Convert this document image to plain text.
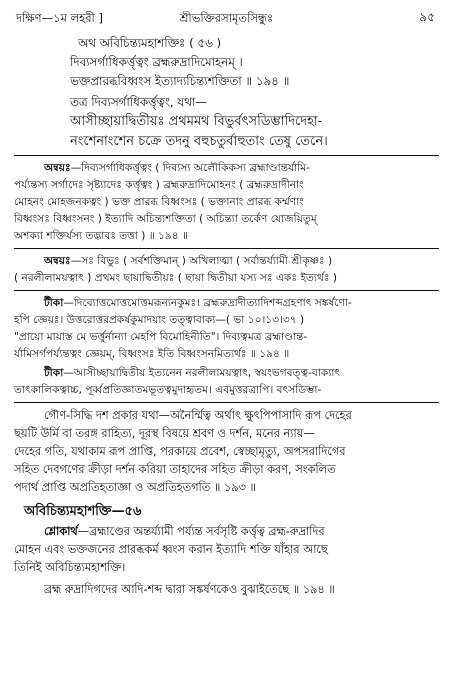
দক্ষিণ—১ম লহরী ]	শ্রীভক্তিরসামৃতসিন্ধুঃ	৯৫

অথ অবিচিন্ত্যমহাশক্তিঃ ( ৫৬ )

দিব্যসর্গাধিকর্ত্তৃত্বং ব্রহ্মরুদ্রাদিমোহনম্ ।

ভক্তপ্রারব্ধবিধ্বংস ইত্যাদ্যচিন্ত্যশক্তিতা ॥ ১৯৪ ॥

তত্র দিব্যসর্গাধিকর্ত্তৃত্বং, যথা—

আসীচ্ছায়াদ্বিতীয়ঃ প্রথমমথ বিভুর্বৎসডিম্ভাদিদেহা-

নংশেনাংশেন চক্রে তদনু বহুচতুর্বাহুতাং তেষু তেনে।

অন্বয়ঃ—দিব্যসর্গাধিকর্ত্তৃত্বং ( দিব্যস্য অলৌকিকস্য ব্রহ্মাণ্ডান্তর্যামি-

পর্য্যন্তস্য সর্গাদেঃ সৃষ্ট্যাদেঃ কর্ত্তৃত্বং ) ব্রহ্মরুদ্রাদিমোহনং ( ব্রহ্মরুদ্রাদীনাং

মোহনং মোহজনকত্বং ) ভক্ত প্রারব্ধ বিধ্বংসঃ ( ভক্তানাং প্রারব্ধ কর্ম্মণাং

বিধ্বংসঃ বিধ্বংসনং ) ইত্যাদি অচিন্ত্যশক্তিতা ( অচিন্ত্যা তর্কেণ যোজয়িতুম্

অশক্যা শক্তির্যস্য তদ্ভাবঃ তত্তা ) ॥ ১৯৪ ॥

অন্বয়ঃ—সঃ বিভুঃ ( সর্বশক্তিমান্ ) অখিলাত্মা ( সর্বান্তর্য্যামী শ্রীকৃষ্ণঃ )

( নরলীলাময়ত্বাৎ ) প্রথমং ছায়াদ্বিতীয়ঃ ( ছায়া দ্বিতীয়া যস্য সঃ একঃ ইত্যর্থঃ )

টীকা—দিব্যোত্তমোত্তমোত্তমরূন্যনকুমঃ। ব্রহ্মরুদ্রাদীত্যাদিশব্দগ্রহণাৎ সঙ্কর্ষণাে-

হপি জ্ঞেয়ঃ। উত্তরোত্তরপ্রকর্ষকুমাদয়াং তত্ত্বাবাক্য—( ভা ১০।১৩।৩৭ )

"প্রায়ো মায়াস্ত মে ভর্ত্তুর্নান্যা মেহপি বিমোহিনীতি"। দিব্যত্বমত্র ব্রহ্মাণ্ডান্ত-

র্যামিসর্গপর্য্যন্তত্বং জ্ঞেয়ম্, বিধ্বংসঃ ইতি বিধ্বংসনমিত্যর্থঃ ॥ ১৯৪ ॥

টীকা—আসীচ্ছায়াদ্বিতীয় ইত্যনেন নরলীলাময়ত্বাৎ, স্বয়ংভগবত্ত্ব-বাক্যাৎ

তাৎকালিকত্বাচ্চ, পূর্ব্বপ্রতিজ্ঞাতমভূতত্বমুদাহৃতম। এবমুত্তরত্রাপি। বৎসডিম্ভা-

গৌণ-সিদ্ধি দশ প্রকার যথা—অনৈর্ম্মিত্ব অর্থাৎ ক্ষুৎপিপাসাদি রূপ দেহের

ছয়টি উর্মি বা তরঙ্গ রাহিত্য, দূরস্থ বিষয়ে শ্রবণ ও দর্শন, মনের ন্যায়—

দেহের গতি, যথাকাম রূপ প্রাপ্তি, পরকায়ে প্রবেশ, স্বেচ্ছামৃত্যু, অপসরাদিগের

সহিত দেবগণের ক্রীড়া দর্শন করিয়া তাহাদের সহিত ক্রীড়া করণ, সংকলিত

পদার্থ প্রাপ্তি অপ্রতিহতাজ্ঞা ও অপ্রতিহতগতি ॥ ১৯৩ ॥

অবিচিন্ত্যমহাশক্তি—৫৬

শ্লোকার্থ—ব্রহ্মাণ্ডের অন্তর্য্যামী পর্য্যন্ত সর্বসৃষ্টি কর্ত্তৃত্ব ব্রহ্ম-রুদ্রাদির

মোহন এবং ভক্তজনের প্রারব্ধকর্ম ধ্বংস করান ইত্যাদি শক্তি যাঁহার আছে

তিনিই অবিচিন্ত্যমহাশক্তি।

ব্রহ্ম রুদ্রাদিগদের আদি-শব্দ দ্বারা সঙ্কর্ষণকেও বুঝাইতেছে ॥ ১৯৪ ॥
